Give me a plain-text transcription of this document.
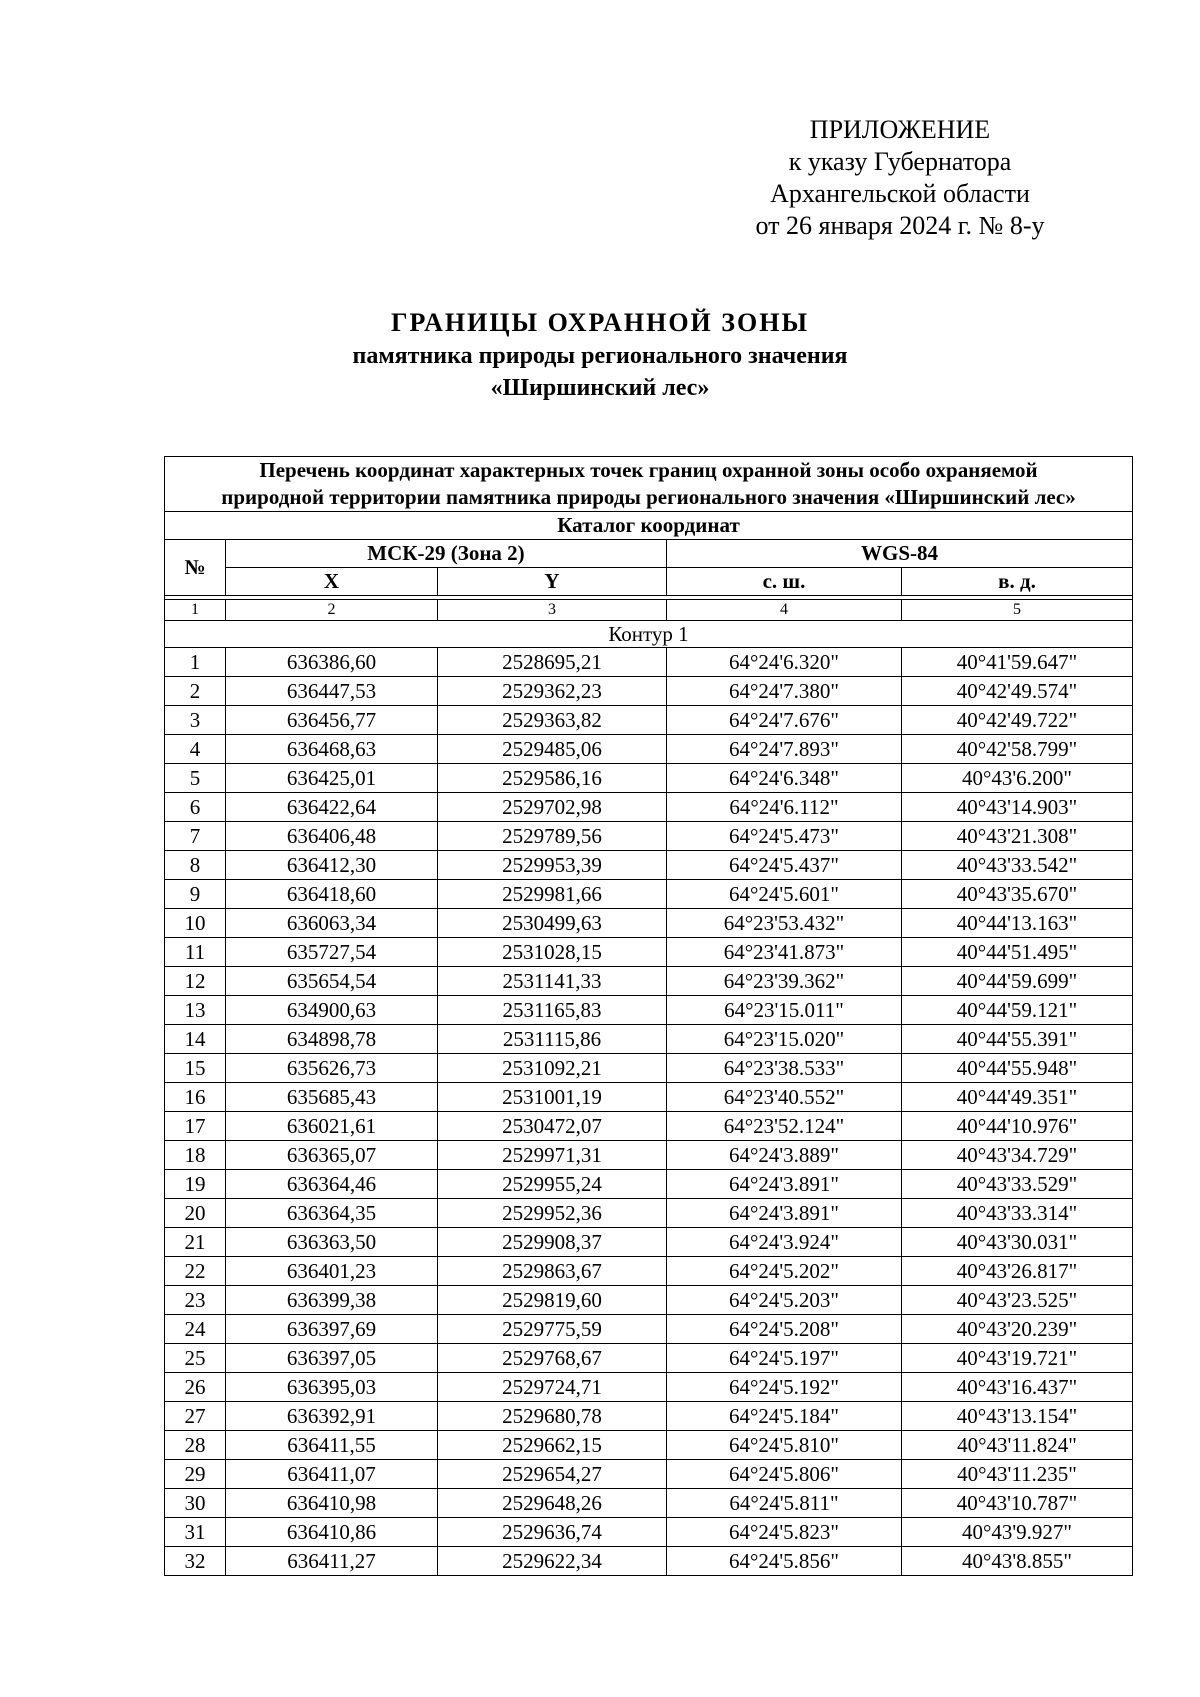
ПРИЛОЖЕНИЕ
к указу Губернатора
Архангельской области
от 26 января 2024 г. № 8-у
ГРАНИЦЫ ОХРАННОЙ ЗОНЫ
памятника природы регионального значения
«Ширшинский лес»
Перечень координат характерных точек границ охранной зоны особо охраняемой
природной территории памятника природы регионального значения «Ширшинский лес»				

Каталог координат				
№	МСК-29 (Зона 2)		WGS-84	
	X	Y	с. ш.	в. д.

1	2	3	4	5
Контур 1				
1	636386,60	2528695,21	64°24'6.320"	40°41'59.647"
2	636447,53	2529362,23	64°24'7.380"	40°42'49.574"
3	636456,77	2529363,82	64°24'7.676"	40°42'49.722"
4	636468,63	2529485,06	64°24'7.893"	40°42'58.799"
5	636425,01	2529586,16	64°24'6.348"	40°43'6.200"
6	636422,64	2529702,98	64°24'6.112"	40°43'14.903"
7	636406,48	2529789,56	64°24'5.473"	40°43'21.308"
8	636412,30	2529953,39	64°24'5.437"	40°43'33.542"
9	636418,60	2529981,66	64°24'5.601"	40°43'35.670"
10	636063,34	2530499,63	64°23'53.432"	40°44'13.163"
11	635727,54	2531028,15	64°23'41.873"	40°44'51.495"
12	635654,54	2531141,33	64°23'39.362"	40°44'59.699"
13	634900,63	2531165,83	64°23'15.011"	40°44'59.121"
14	634898,78	2531115,86	64°23'15.020"	40°44'55.391"
15	635626,73	2531092,21	64°23'38.533"	40°44'55.948"
16	635685,43	2531001,19	64°23'40.552"	40°44'49.351"
17	636021,61	2530472,07	64°23'52.124"	40°44'10.976"
18	636365,07	2529971,31	64°24'3.889"	40°43'34.729"
19	636364,46	2529955,24	64°24'3.891"	40°43'33.529"
20	636364,35	2529952,36	64°24'3.891"	40°43'33.314"
21	636363,50	2529908,37	64°24'3.924"	40°43'30.031"
22	636401,23	2529863,67	64°24'5.202"	40°43'26.817"
23	636399,38	2529819,60	64°24'5.203"	40°43'23.525"
24	636397,69	2529775,59	64°24'5.208"	40°43'20.239"
25	636397,05	2529768,67	64°24'5.197"	40°43'19.721"
26	636395,03	2529724,71	64°24'5.192"	40°43'16.437"
27	636392,91	2529680,78	64°24'5.184"	40°43'13.154"
28	636411,55	2529662,15	64°24'5.810"	40°43'11.824"
29	636411,07	2529654,27	64°24'5.806"	40°43'11.235"
30	636410,98	2529648,26	64°24'5.811"	40°43'10.787"
31	636410,86	2529636,74	64°24'5.823"	40°43'9.927"
32	636411,27	2529622,34	64°24'5.856"	40°43'8.855"
